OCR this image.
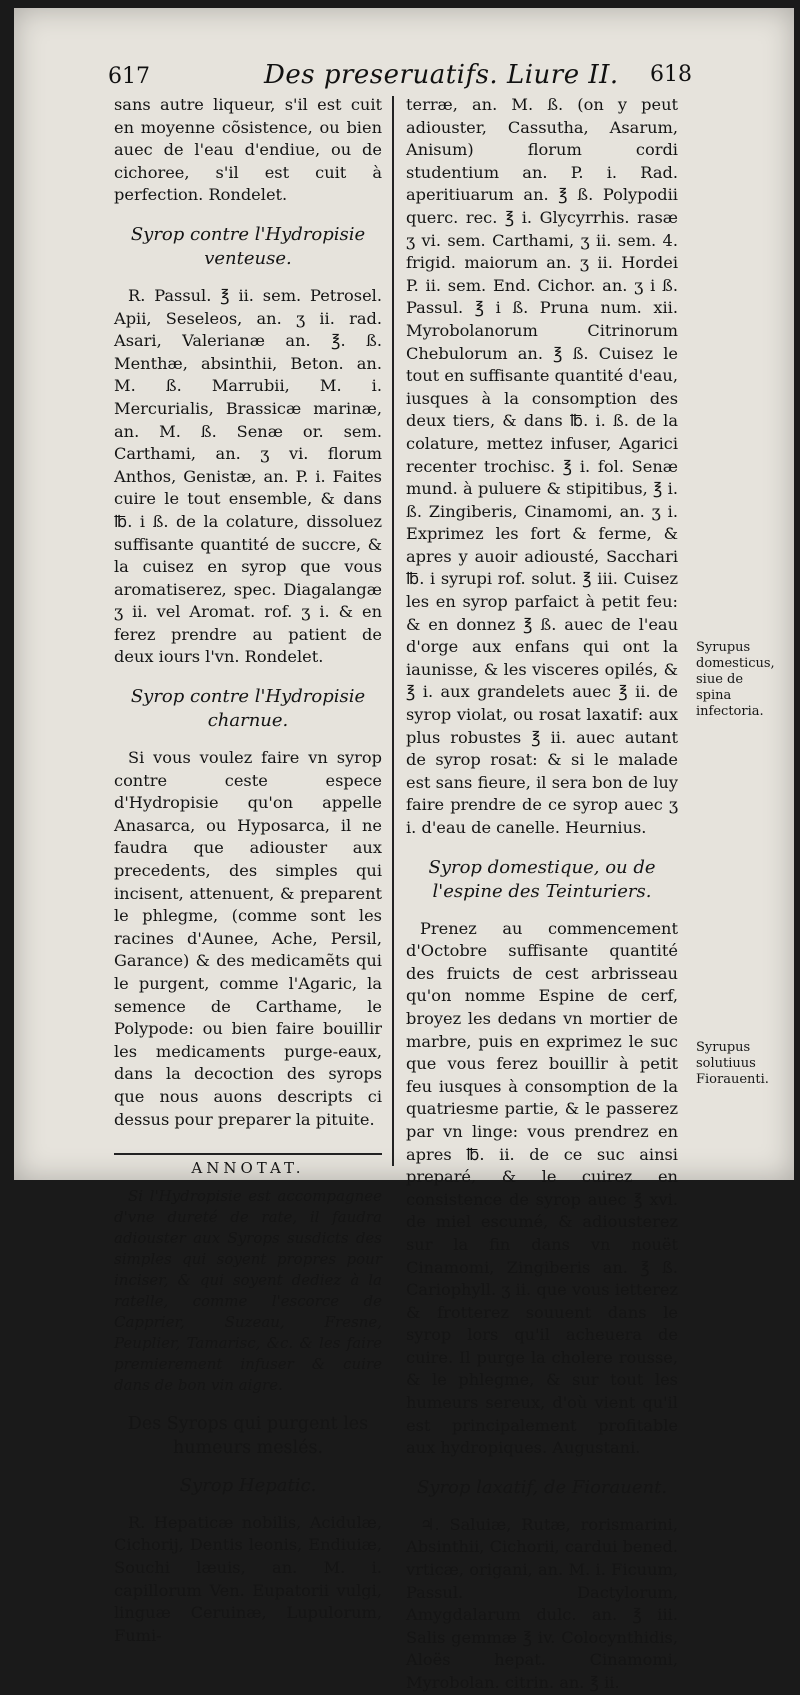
617	Des preseruatifs. Liure II. 618

sans autre liqueur, s'il est cuit en moyenne cõsistence, ou bien auec de l'eau d'endiue, ou de cichoree, s'il est cuit à perfection. Rondelet.

Syrop contre l'Hydropisie venteuse.

R. Passul. ℥ ii. sem. Petrosel. Apii, Seseleos, an. ʒ ii. rad. Asari, Valerianæ an. ℥. ß. Menthæ, absinthii, Beton. an. M. ß. Marrubii, M. i. Mercurialis, Brassicæ marinæ, an. M. ß. Senæ or. sem. Carthami, an. ʒ vi. florum Anthos, Genistæ, an. P. i. Faites cuire le tout ensemble, & dans ℔. i ß. de la colature, dissoluez suffisante quantité de succre, & la cuisez en syrop que vous aromatiserez, spec. Diagalangæ ʒ ii. vel Aromat. rof. ʒ i. & en ferez prendre au patient de deux iours l'vn. Rondelet.

Syrop contre l'Hydropisie charnue.

Si vous voulez faire vn syrop contre ceste espece d'Hydropisie qu'on appelle Anasarca, ou Hyposarca, il ne faudra que adiouster aux precedents, des simples qui incisent, attenuent, & preparent le phlegme, (comme sont les racines d'Aunee, Ache, Persil, Garance) & des medicamẽts qui le purgent, comme l'Agaric, la semence de Carthame, le Polypode: ou bien faire bouillir les medicaments purge-eaux, dans la decoction des syrops que nous auons descripts ci dessus pour preparer la pituite.

ANNOTAT.

Si l'Hydropisie est accompagnee d'vne dureté de rate, il faudra adiouster aux Syrops susdicts des simples qui soyent propres pour inciser, & qui soyent dediez à la ratelle, comme l'escorce de Capprier, Suzeau, Fresne, Peuplier, Tamarisc, &c. & les faire premierement infuser & cuire dans de bon vin aigre.

Des Syrops qui purgent les humeurs meslés.
Syrop Hepatic.

R. Hepaticæ nobilis, Acidulæ, Cichorij, Dentis leonis, Endiuiæ, Souchi læuis, an. M. i. capillorum Ven. Eupatorii vulgi, linguæ Ceruinæ, Lupulorum, Fumi-

terræ, an. M. ß. (on y peut adiouster, Cassutha, Asarum, Anisum) florum cordi studentium an. P. i. Rad. aperitiuarum an. ℥ ß. Polypodii querc. rec. ℥ i. Glycyrrhis. rasæ ʒ vi. sem. Carthami, ʒ ii. sem. 4. frigid. maiorum an. ʒ ii. Hordei P. ii. sem. End. Cichor. an. ʒ i ß. Passul. ℥ i ß. Pruna num. xii. Myrobolanorum Citrinorum Chebulorum an. ℥ ß. Cuisez le tout en suffisante quantité d'eau, iusques à la consomption des deux tiers, & dans ℔. i. ß. de la colature, mettez infuser, Agarici recenter trochisc. ℥ i. fol. Senæ mund. à puluere & stipitibus, ℥ i. ß. Zingiberis, Cinamomi, an. ʒ i. Exprimez les fort & ferme, & apres y auoir adiousté, Sacchari ℔. i syrupi rof. solut. ℥ iii. Cuisez les en syrop parfaict à petit feu: & en donnez ℥ ß. auec de l'eau d'orge aux enfans qui ont la iaunisse, & les visceres opilés, & ℥ i. aux grandelets auec ℥ ii. de syrop violat, ou rosat laxatif: aux plus robustes ℥ ii. auec autant de syrop rosat: & si le malade est sans fieure, il sera bon de luy faire prendre de ce syrop auec ʒ i. d'eau de canelle. Heurnius.

Syrop domestique, ou de l'espine des Teinturiers.

Prenez au commencement d'Octobre suffisante quantité des fruicts de cest arbrisseau qu'on nomme Espine de cerf, broyez les dedans vn mortier de marbre, puis en exprimez le suc que vous ferez bouillir à petit feu iusques à consomption de la quatriesme partie, & le passerez par vn linge: vous prendrez en apres ℔. ii. de ce suc ainsi preparé, & le cuirez en consistence de syrop auec ℥ xvi. de miel escumé, & adiousterez sur la fin dans vn nouët Cinamomi, Zingiberis an. ℥ ß. Cariophyll. ʒ ii. que vous ietterez & frotterez souuent dans le syrop lors qu'il acheuera de cuire. Il purge la cholere rousse, & le phlegme, & sur tout les humeurs sereux, d'où vient qu'il est principalement profitable aux hydropiques. Augustani.

Syrop laxatif, de Fiorauent.

♃. Saluiæ, Rutæ, rorismarini, Absinthii, Cichorii, cardui bened. vrticæ, origani, an. M. i. Ficuum, Passul. Dactylorum, Amygdalarum dulc. an. ℥ iii. Salis gemmæ ℥ iv. Colocynthidis, Aloës hepat. Cinamomi, Myrobolan. citrin. an. ℥ ii.

Syrupus domesticus, siue de spina infectoria.
Syrupus solutiuus Fiorauenti.
